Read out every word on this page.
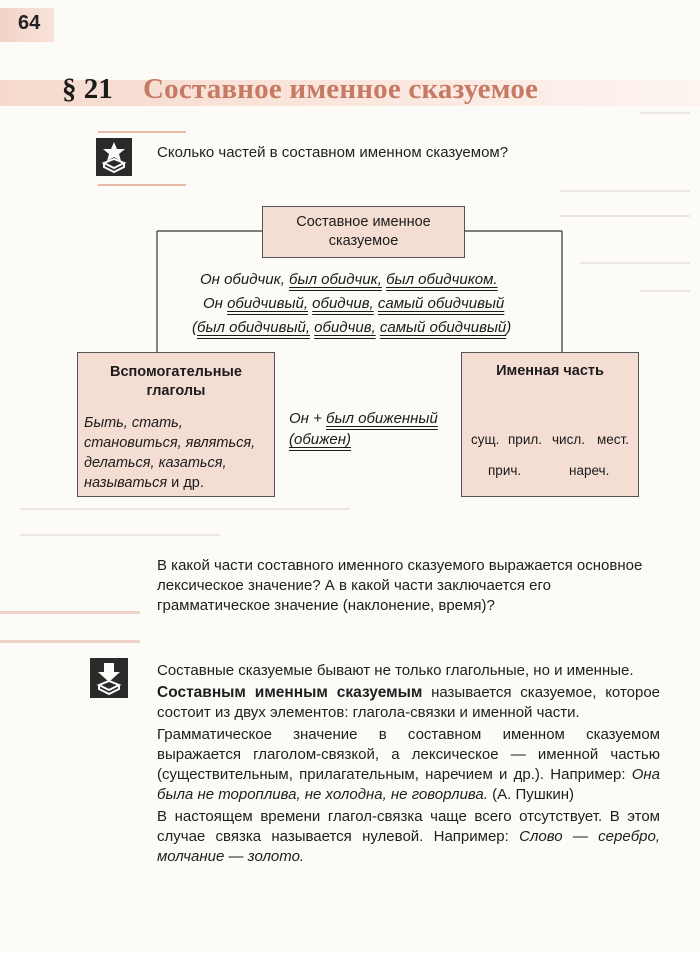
64
§ 21 Составное именное сказуемое
Сколько частей в составном именном сказуемом?
Составное именное сказуемое
Он обидчик, был обидчик, был обидчиком.
Он обидчивый, обидчив, самый обидчивый
(был обидчивый, обидчив, самый обидчивый)
Вспомогательные
глаголы
Быть, стать,
становиться, являться,
делаться, казаться,
называться и др.
Он + был обиженный
(обижен)
Именная часть
сущ. прил. числ. мест.
прич.	нареч.
В какой части составного именного сказуемого выражается основное лексическое значение? А в какой части заключается его грамматическое значение (наклонение, время)?
Составные сказуемые бывают не только глагольные, но и именные.
Составным именным сказуемым называется сказуемое, которое состоит из двух элементов: глагола-связки и именной части.
Грамматическое значение в составном именном сказуемом выражается глаголом-связкой, а лексическое — именной частью (существительным, прилагательным, наречием и др.). Например: Она была не тороплива, не холодна, не говорлива. (А. Пушкин)
В настоящем времени глагол-связка чаще всего отсутствует. В этом случае связка называется нулевой. Например: Слово — серебро, молчание — золото.
